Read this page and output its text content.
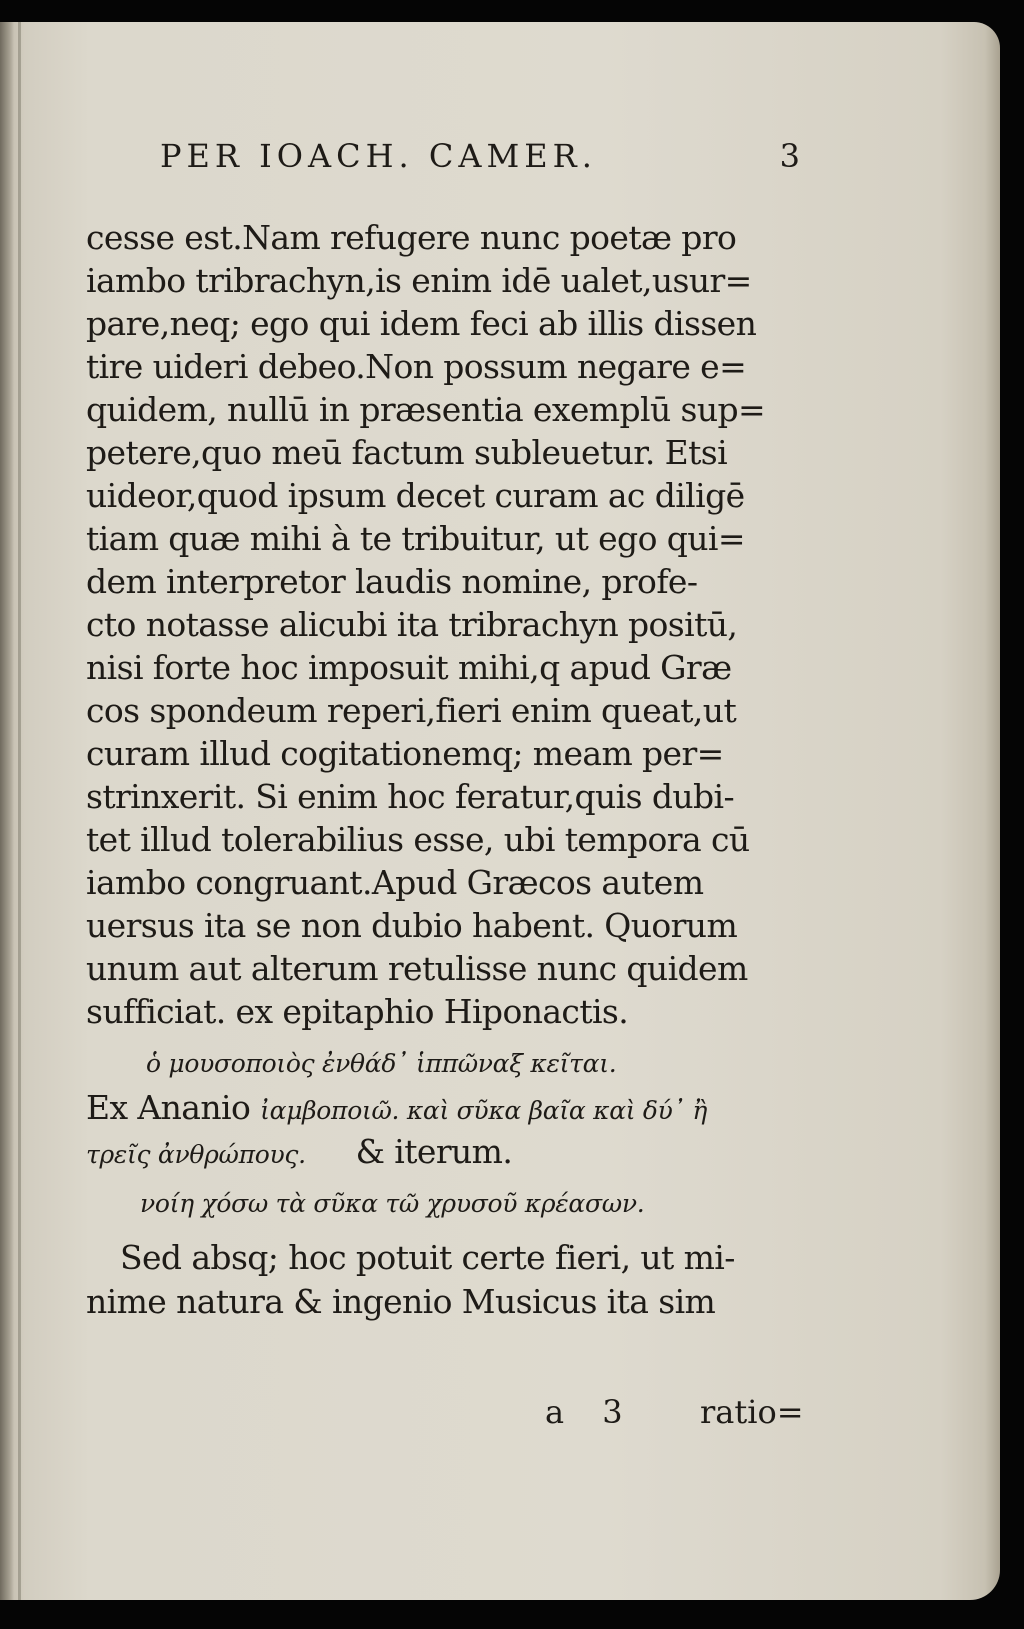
PER IOACH. CAMER.	3
cesse est.Nam refugere nunc poetæ pro
iambo tribrachyn,is enim idē ualet,usur=
pare,neq; ego qui idem feci ab illis dissen
tire uideri debeo.Non possum negare e=
quidem, nullū in præsentia exemplū sup=
petere,quo meū factum subleuetur. Etsi
uideor,quod ipsum decet curam ac diligē
tiam quæ mihi à te tribuitur, ut ego qui=
dem interpretor laudis nomine, profe-
cto notasse alicubi ita tribrachyn positū,
nisi forte hoc imposuit mihi,q apud Græ
cos spondeum reperi,fieri enim queat,ut
curam illud cogitationemq; meam per=
strinxerit. Si enim hoc feratur,quis dubi-
tet illud tolerabilius esse, ubi tempora cū
iambo congruant.Apud Græcos autem
uersus ita se non dubio habent. Quorum
unum aut alterum retulisse nunc quidem
sufficiat. ex epitaphio Hiponactis.
ὁ μουσοποιὸς ἐνθάδ᾽ ἱππῶναξ κεῖται.
Ex Ananio ἰαμβοποιῶ. καὶ σῦκα βαῖα καὶ δύ᾽ ἢ
τρεῖς ἀνθρώπους. & iterum.
νοίη χόσω τὰ σῦκα τῶ χρυσοῦ κρέασων.
Sed absq; hoc potuit certe fieri, ut mi-
nime natura & ingenio Musicus ita sim
a 3 ratio=
